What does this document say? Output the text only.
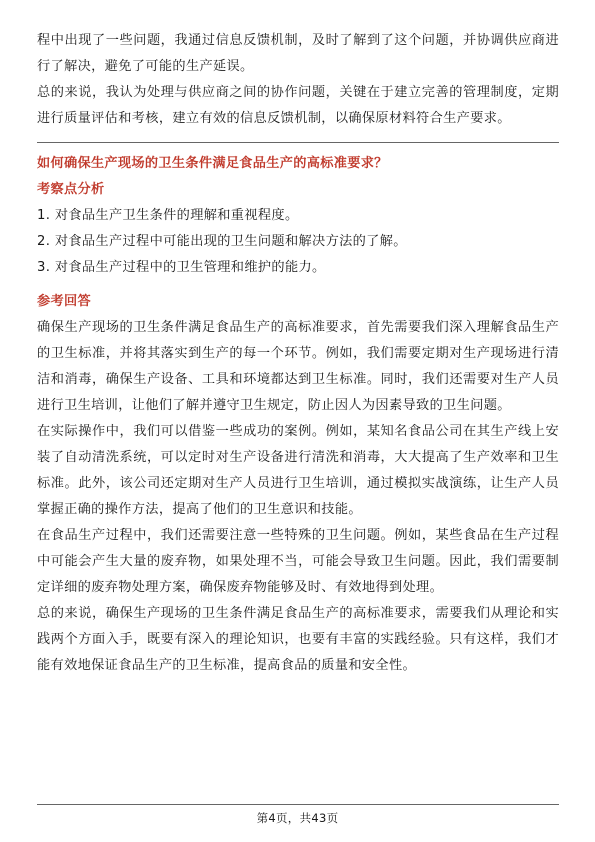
程中出现了一些问题，我通过信息反馈机制，及时了解到了这个问题，并协调供应商进行了解决，避免了可能的生产延误。

总的来说，我认为处理与供应商之间的协作问题，关键在于建立完善的管理制度，定期进行质量评估和考核，建立有效的信息反馈机制，以确保原材料符合生产要求。

如何确保生产现场的卫生条件满足食品生产的高标准要求？

考察点分析

1. 对食品生产卫生条件的理解和重视程度。

2. 对食品生产过程中可能出现的卫生问题和解决方法的了解。

3. 对食品生产过程中的卫生管理和维护的能力。

参考回答

确保生产现场的卫生条件满足食品生产的高标准要求，首先需要我们深入理解食品生产的卫生标准，并将其落实到生产的每一个环节。例如，我们需要定期对生产现场进行清洁和消毒，确保生产设备、工具和环境都达到卫生标准。同时，我们还需要对生产人员进行卫生培训，让他们了解并遵守卫生规定，防止因人为因素导致的卫生问题。

在实际操作中，我们可以借鉴一些成功的案例。例如，某知名食品公司在其生产线上安装了自动清洗系统，可以定时对生产设备进行清洗和消毒，大大提高了生产效率和卫生标准。此外，该公司还定期对生产人员进行卫生培训，通过模拟实战演练，让生产人员掌握正确的操作方法，提高了他们的卫生意识和技能。

在食品生产过程中，我们还需要注意一些特殊的卫生问题。例如，某些食品在生产过程中可能会产生大量的废弃物，如果处理不当，可能会导致卫生问题。因此，我们需要制定详细的废弃物处理方案，确保废弃物能够及时、有效地得到处理。

总的来说，确保生产现场的卫生条件满足食品生产的高标准要求，需要我们从理论和实践两个方面入手，既要有深入的理论知识，也要有丰富的实践经验。只有这样，我们才能有效地保证食品生产的卫生标准，提高食品的质量和安全性。

第4页，共43页
